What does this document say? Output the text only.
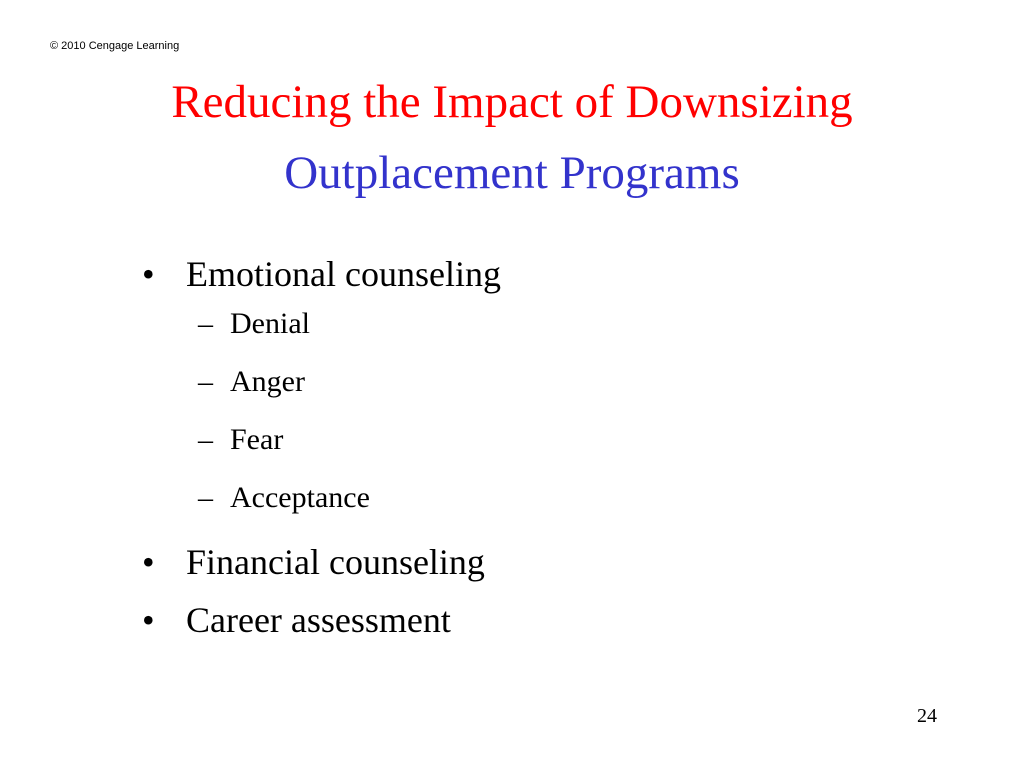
© 2010 Cengage Learning
Reducing the Impact of Downsizing
Outplacement Programs
• Emotional counseling
– Denial
– Anger
– Fear
– Acceptance
• Financial counseling
• Career assessment
24
